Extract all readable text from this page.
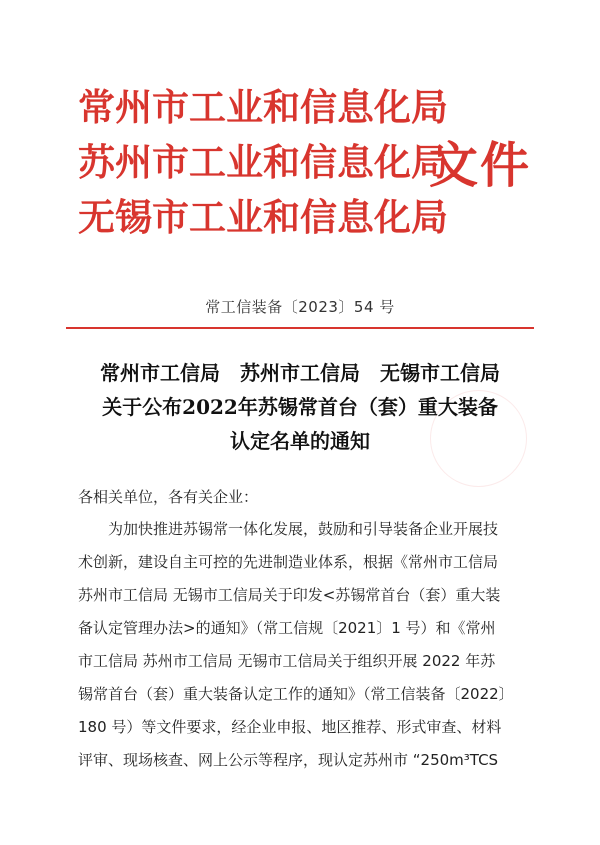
常州市工业和信息化局
苏州市工业和信息化局
无锡市工业和信息化局
文件
常工信装备〔2023〕54 号
常州市工信局　苏州市工信局　无锡市工信局
关于公布2022年苏锡常首台（套）重大装备
认定名单的通知
各相关单位，各有关企业：
　　为加快推进苏锡常一体化发展，鼓励和引导装备企业开展技
术创新，建设自主可控的先进制造业体系，根据《常州市工信局
苏州市工信局 无锡市工信局关于印发<苏锡常首台（套）重大装
备认定管理办法>的通知》（常工信规〔2021〕1 号）和《常州
市工信局 苏州市工信局 无锡市工信局关于组织开展 2022 年苏
锡常首台（套）重大装备认定工作的通知》（常工信装备〔2022〕
180 号）等文件要求，经企业申报、地区推荐、形式审查、材料
评审、现场核查、网上公示等程序，现认定苏州市 “250m³TCS
